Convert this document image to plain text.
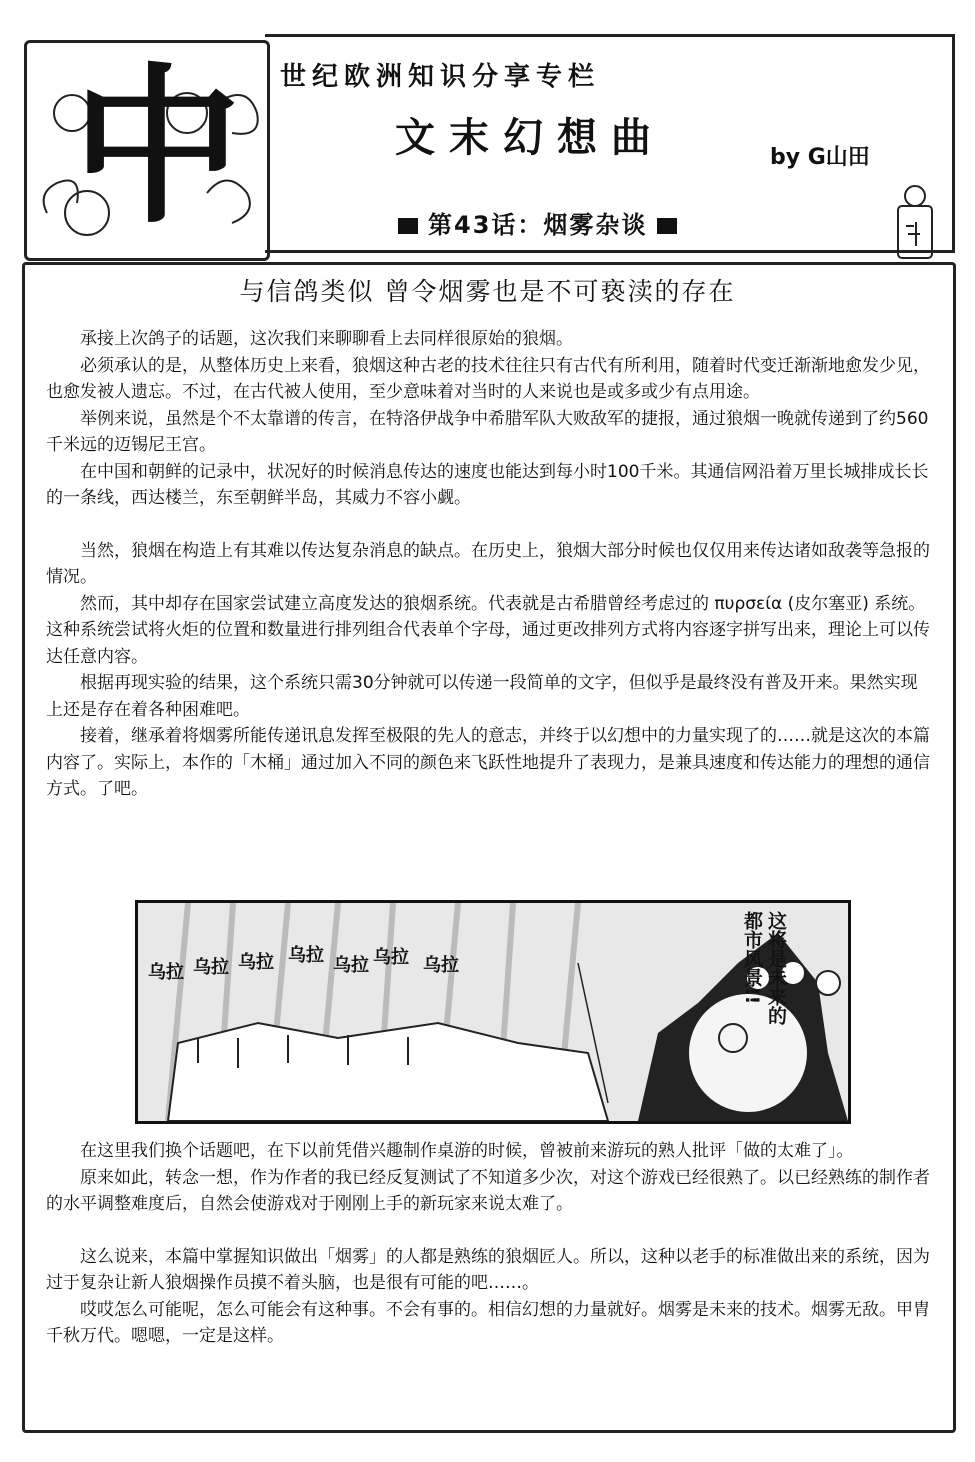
中 世纪欧洲知识分享专栏
文末幻想曲	by G山田
第43话：烟雾杂谈
与信鸽类似 曾令烟雾也是不可亵渎的存在

承接上次鸽子的话题，这次我们来聊聊看上去同样很原始的狼烟。

必须承认的是，从整体历史上来看，狼烟这种古老的技术往往只有古代有所利用，随着时代变迁渐渐地愈发少见，也愈发被人遗忘。不过，在古代被人使用，至少意味着对当时的人来说也是或多或少有点用途。

举例来说，虽然是个不太靠谱的传言，在特洛伊战争中希腊军队大败敌军的捷报，通过狼烟一晚就传递到了约560千米远的迈锡尼王宫。

在中国和朝鲜的记录中，状况好的时候消息传达的速度也能达到每小时100千米。其通信网沿着万里长城排成长长的一条线，西达楼兰，东至朝鲜半岛，其威力不容小觑。

当然，狼烟在构造上有其难以传达复杂消息的缺点。在历史上，狼烟大部分时候也仅仅用来传达诸如敌袭等急报的情况。

然而，其中却存在国家尝试建立高度发达的狼烟系统。代表就是古希腊曾经考虑过的 πυρσεία (皮尔塞亚) 系统。这种系统尝试将火炬的位置和数量进行排列组合代表单个字母，通过更改排列方式将内容逐字拼写出来，理论上可以传达任意内容。

根据再现实验的结果，这个系统只需30分钟就可以传递一段简单的文字，但似乎是最终没有普及开来。果然实现上还是存在着各种困难吧。

接着，继承着将烟雾所能传递讯息发挥至极限的先人的意志，并终于以幻想中的力量实现了的……就是这次的本篇内容了。实际上，本作的「木桶」通过加入不同的颜色来飞跃性地提升了表现力，是兼具速度和传达能力的理想的通信方式。了吧。

乌拉 乌拉 乌拉 乌拉 乌拉 乌拉 乌拉	这将是未来的都市风景!!

在这里我们换个话题吧，在下以前凭借兴趣制作桌游的时候，曾被前来游玩的熟人批评「做的太难了」。

原来如此，转念一想，作为作者的我已经反复测试了不知道多少次，对这个游戏已经很熟了。以已经熟练的制作者的水平调整难度后，自然会使游戏对于刚刚上手的新玩家来说太难了。

这么说来，本篇中掌握知识做出「烟雾」的人都是熟练的狼烟匠人。所以，这种以老手的标准做出来的系统，因为过于复杂让新人狼烟操作员摸不着头脑，也是很有可能的吧……。

哎哎怎么可能呢，怎么可能会有这种事。不会有事的。相信幻想的力量就好。烟雾是未来的技术。烟雾无敌。甲胄千秋万代。嗯嗯，一定是这样。
